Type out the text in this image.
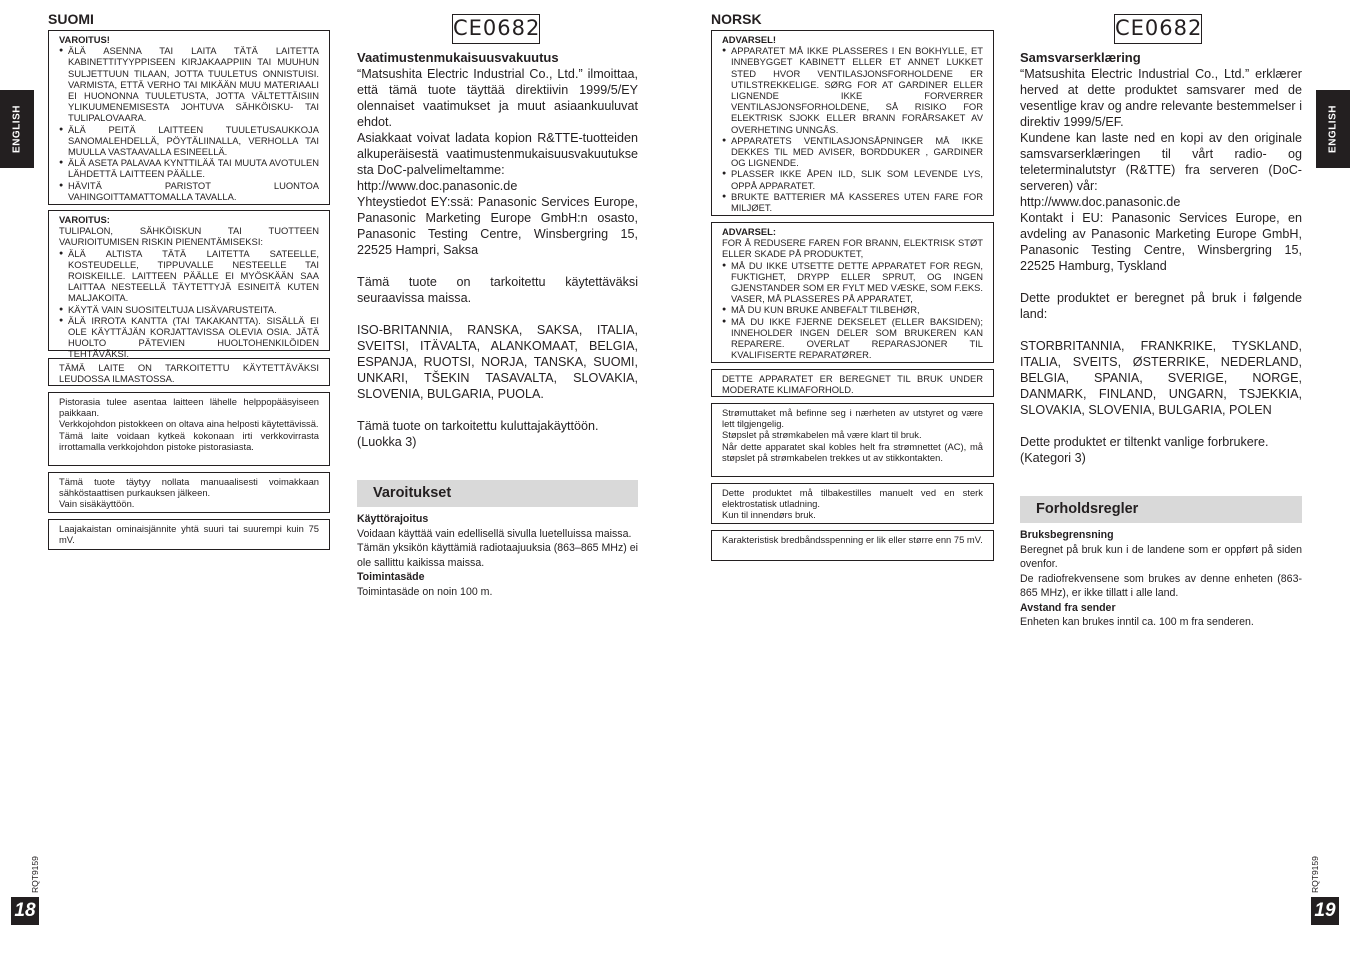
ENGLISH
SUOMI
VAROITUS!
● ÄLÄ ASENNA TAI LAITA TÄTÄ LAITETTA KABINETTITYYPPISEEN KIRJAKAAPPIIN TAI MUUHUN SULJETTUUN TILAAN, JOTTA TUULETUS ONNISTUISI. VARMISTA, ETTÄ VERHO TAI MIKÄÄN MUU MATERIAALI EI HUONONNA TUULETUSTA, JOTTA VÄLTETTÄISIIN YLIKUUMENEMISESTA JOHTUVA SÄHKÖISKU- TAI TULIPALOVAARA.
● ÄLÄ PEITÄ LAITTEEN TUULETUSAUKKOJA SANOMALEHDELLÄ, PÖYTÄLIINALLA, VERHOLLA TAI MUULLA VASTAAVALLA ESINEELLÄ.
● ÄLÄ ASETA PALAVAA KYNTTILÄÄ TAI MUUTA AVOTULEN LÄHDETTÄ LAITTEEN PÄÄLLE.
● HÄVITÄ PARISTOT LUONTOA VAHINGOITTAMATTOMALLA TAVALLA.
VAROITUS:

TULIPALON, SÄHKÖISKUN TAI TUOTTEEN VAURIOITUMISEN RISKIN PIENENTÄMISEKSI:

● ÄLÄ ALTISTA TÄTÄ LAITETTA SATEELLE, KOSTEUDELLE, TIPPUVALLE NESTEELLE TAI ROISKEILLE. LAITTEEN PÄÄLLE EI MYÖSKÄÄN SAA LAITTAA NESTEELLÄ TÄYTETTYJÄ ESINEITÄ KUTEN MALJAKOITA.
● KÄYTÄ VAIN SUOSITELTUJA LISÄVARUSTEITA.
● ÄLÄ IRROTA KANTTA (TAI TAKAKANTTA). SISÄLLÄ EI OLE KÄYTTÄJÄN KORJATTAVISSA OLEVIA OSIA. JÄTÄ HUOLTO PÄTEVIEN HUOLTOHENKILÖIDEN TEHTÄVÄKSI.

TÄMÄ LAITE ON TARKOITETTU KÄYTETTÄVÄKSI LEUDOSSA ILMASTOSSA.

Pistorasia tulee asentaa laitteen lähelle helppopääsyiseen paikkaan.

Verkkojohdon pistokkeen on oltava aina helposti käytettävissä.

Tämä laite voidaan kytkeä kokonaan irti verkkovirrasta irrottamalla verkkojohdon pistoke pistorasiasta.

Tämä tuote täytyy nollata manuaalisesti voimakkaan sähköstaattisen purkauksen jälkeen.

Vain sisäkäyttöön.

Laajakaistan ominaisjännite yhtä suuri tai suurempi kuin 75 mV.

CE0682
Vaatimustenmukaisuusvakuutus

“Matsushita Electric Industrial Co., Ltd.” ilmoittaa, että tämä tuote täyttää direktiivin 1999/5/EY olennaiset vaatimukset ja muut asiaankuuluvat ehdot.

Asiakkaat voivat ladata kopion R&TTE-tuotteiden alkuperäisestä vaatimustenmukaisuusvakuutukse sta DoC-palvelimeltamme:

http://www.doc.panasonic.de

Yhteystiedot EY:ssä: Panasonic Services Europe, Panasonic Marketing Europe GmbH:n osasto, Panasonic Testing Centre, Winsbergring 15, 22525 Hampri, Saksa

Tämä tuote on tarkoitettu käytettäväksi seuraavissa maissa.

ISO-BRITANNIA, RANSKA, SAKSA, ITALIA, SVEITSI, ITÄVALTA, ALANKOMAAT, BELGIA, ESPANJA, RUOTSI, NORJA, TANSKA, SUOMI, UNKARI, TŠEKIN TASAVALTA, SLOVAKIA, SLOVENIA, BULGARIA, PUOLA.

Tämä tuote on tarkoitettu kuluttajakäyttöön. (Luokka 3)

Varoitukset

Käyttörajoitus

Voidaan käyttää vain edellisellä sivulla luetelluissa maissa.

Tämän yksikön käyttämiä radiotaajuuksia (863–865 MHz) ei ole sallittu kaikissa maissa.

Toimintasäde

Toimintasäde on noin 100 m.

RQT9159
18
NORSK
ADVARSEL!
● APPARATET MÅ IKKE PLASSERES I EN BOKHYLLE, ET INNEBYGGET KABINETT ELLER ET ANNET LUKKET STED HVOR VENTILASJONSFORHOLDENE ER UTILSTREKKELIGE. SØRG FOR AT GARDINER ELLER LIGNENDE IKKE FORVERRER VENTILASJONSFORHOLDENE, SÅ RISIKO FOR ELEKTRISK SJOKK ELLER BRANN FORÅRSAKET AV OVERHETING UNNGÅS.
● APPARATETS VENTILASJONSÅPNINGER MÅ IKKE DEKKES TIL MED AVISER, BORDDUKER , GARDINER OG LIGNENDE.
● PLASSER IKKE ÅPEN ILD, SLIK SOM LEVENDE LYS, OPPÅ APPARATET.
● BRUKTE BATTERIER MÅ KASSERES UTEN FARE FOR MILJØET.
ADVARSEL:

FOR Å REDUSERE FAREN FOR BRANN, ELEKTRISK STØT ELLER SKADE PÅ PRODUKTET,

● MÅ DU IKKE UTSETTE DETTE APPARATET FOR REGN, FUKTIGHET, DRYPP ELLER SPRUT, OG INGEN GJENSTANDER SOM ER FYLT MED VÆSKE, SOM F.EKS. VASER, MÅ PLASSERES PÅ APPARATET,
● MÅ DU KUN BRUKE ANBEFALT TILBEHØR,
● MÅ DU IKKE FJERNE DEKSELET (ELLER BAKSIDEN); INNEHOLDER INGEN DELER SOM BRUKEREN KAN REPARERE. OVERLAT REPARASJONER TIL KVALIFISERTE REPARATØRER.

DETTE APPARATET ER BEREGNET TIL BRUK UNDER MODERATE KLIMAFORHOLD.

Strømuttaket må befinne seg i nærheten av utstyret og være lett tilgjengelig.

Støpslet på strømkabelen må være klart til bruk.

Når dette apparatet skal kobles helt fra strømnettet (AC), må støpslet på strømkabelen trekkes ut av stikkontakten.

Dette produktet må tilbakestilles manuelt ved en sterk elektrostatisk utladning.

Kun til innendørs bruk.

Karakteristisk bredbåndsspenning er lik eller større enn 75 mV.

CE0682
Samsvarserklæring

“Matsushita Electric Industrial Co., Ltd.” erklærer herved at dette produktet samsvarer med de vesentlige krav og andre relevante bestemmelser i direktiv 1999/5/EF.

Kundene kan laste ned en kopi av den originale samsvarserklæringen til vårt radio- og teleterminalutstyr (R&TTE) fra serveren (DoC-serveren) vår:

http://www.doc.panasonic.de

Kontakt i EU: Panasonic Services Europe, en avdeling av Panasonic Marketing Europe GmbH, Panasonic Testing Centre, Winsbergring 15, 22525 Hamburg, Tyskland

Dette produktet er beregnet på bruk i følgende land:

STORBRITANNIA, FRANKRIKE, TYSKLAND, ITALIA, SVEITS, ØSTERRIKE, NEDERLAND, BELGIA, SPANIA, SVERIGE, NORGE, DANMARK, FINLAND, UNGARN, TSJEKKIA, SLOVAKIA, SLOVENIA, BULGARIA, POLEN

Dette produktet er tiltenkt vanlige forbrukere. (Kategori 3)

Forholdsregler

Bruksbegrensning

Beregnet på bruk kun i de landene som er oppført på siden ovenfor.

De radiofrekvensene som brukes av denne enheten (863-865 MHz), er ikke tillatt i alle land.

Avstand fra sender

Enheten kan brukes inntil ca. 100 m fra senderen.

ENGLISH
RQT9159
19
